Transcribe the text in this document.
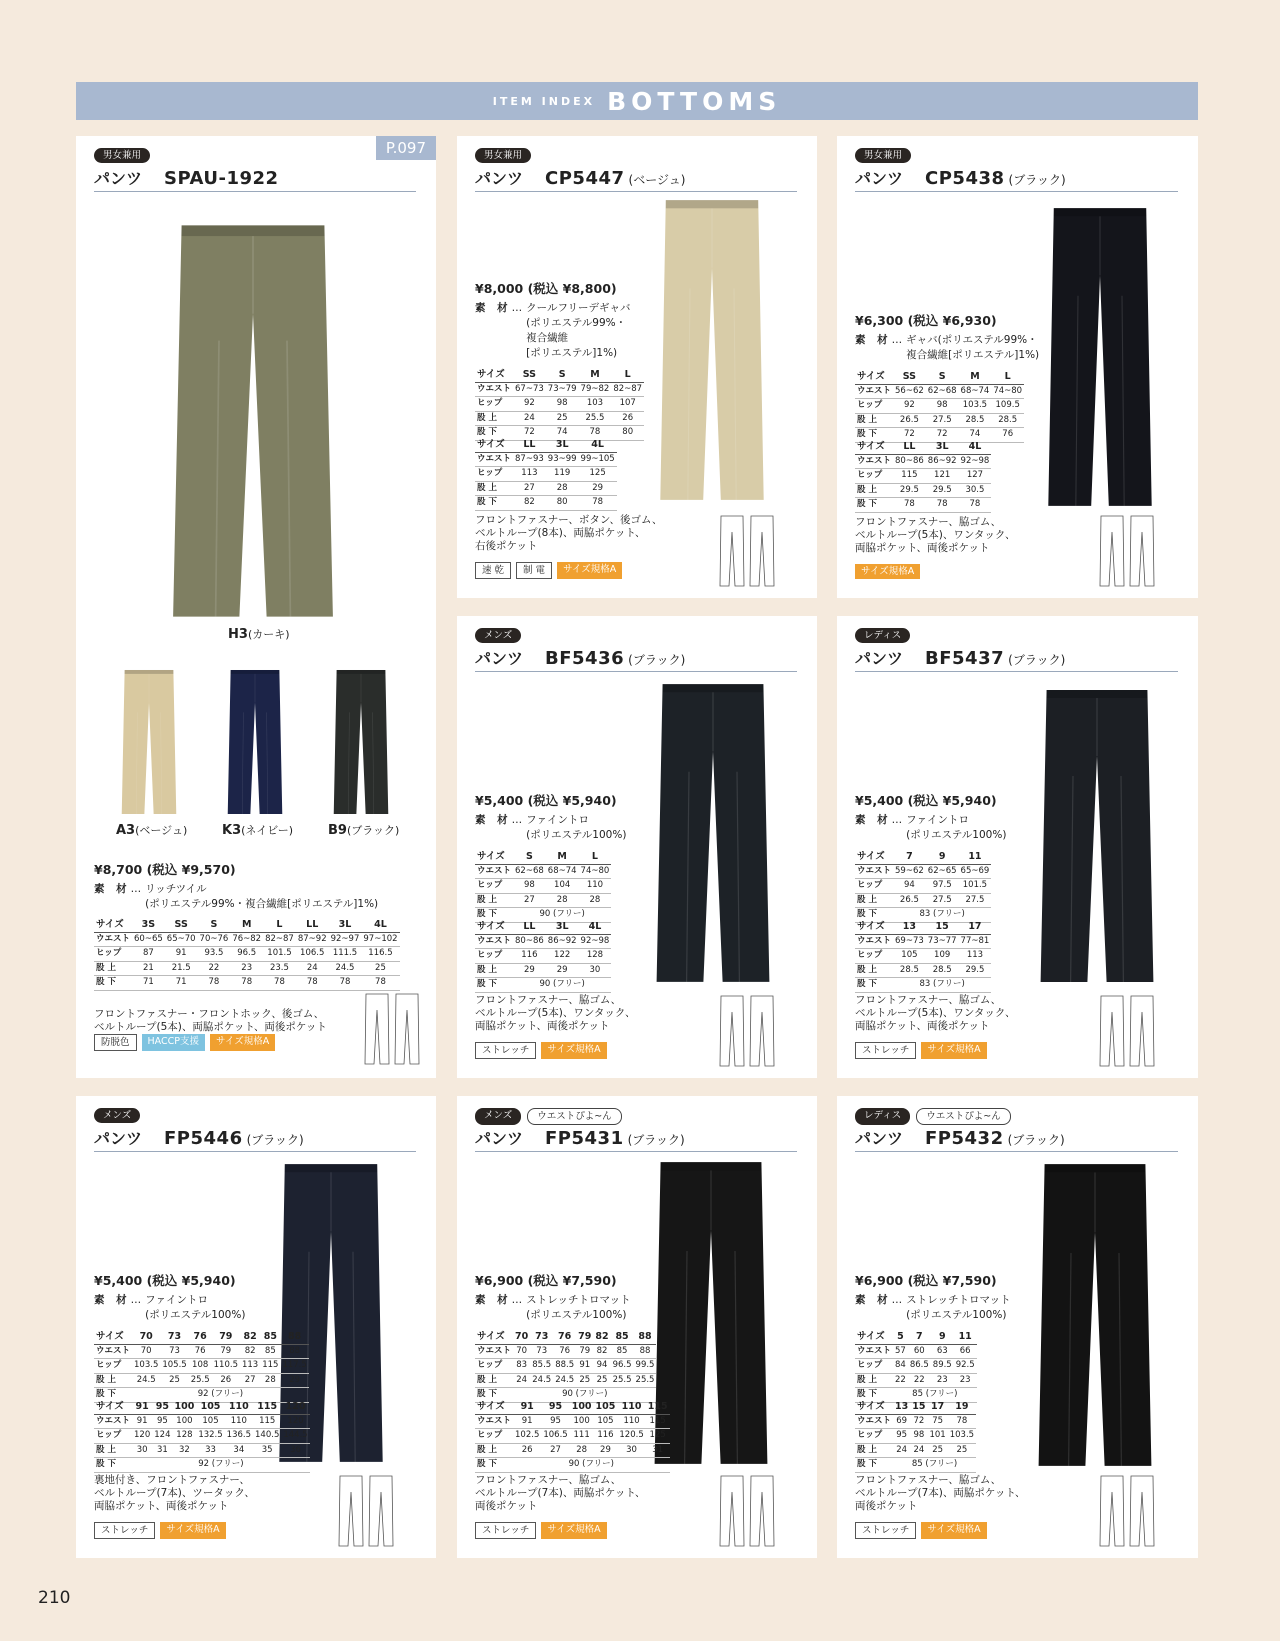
ITEM INDEX BOTTOMS
P.097
男女兼用
パンツ SPAU-1922
H3(カーキ)
A3(ベージュ)	K3(ネイビー)	B9(ブラック)
¥8,700 (税込 ¥9,570)
素 材… リッチツイル
(ポリエステル99%・複合繊維[ポリエステル]1%)
サイズ	3S	SS	S	M	L	LL	3L	4L
ウエスト	60~65	65~70	70~76	76~82	82~87	87~92	92~97	97~102
ヒップ	87	91	93.5	96.5	101.5	106.5	111.5	116.5
股 上	21	21.5	22	23	23.5	24	24.5	25
股 下	71	71	78	78	78	78	78	78
フロントファスナー・フロントホック、後ゴム、
ベルトループ(5本)、両脇ポケット、両後ポケット
防脱色	HACCP支援	サイズ規格A
男女兼用
パンツ CP5447 (ベージュ)
¥8,000 (税込 ¥8,800)
素 材… クールフリーデギャバ
(ポリエステル99%・
複合繊維
[ポリエステル]1%)
サイズ	SS	S	M	L
ウエスト	67~73	73~79	79~82	82~87
ヒップ	92	98	103	107
股 上	24	25	25.5	26
股 下	72	74	78	80
サイズ	LL	3L	4L
ウエスト	87~93	93~99	99~105
ヒップ	113	119	125
股 上	27	28	29
股 下	82	80	78
フロントファスナー、ボタン、後ゴム、
ベルトループ(8本)、両脇ポケット、
右後ポケット
速 乾	制 電	サイズ規格A
男女兼用
パンツ CP5438 (ブラック)
¥6,300 (税込 ¥6,930)
素 材… ギャバ(ポリエステル99%・
複合繊維[ポリエステル]1%)
サイズ	SS	S	M	L
ウエスト	56~62	62~68	68~74	74~80
ヒップ	92	98	103.5	109.5
股 上	26.5	27.5	28.5	28.5
股 下	72	72	74	76
サイズ	LL	3L	4L
ウエスト	80~86	86~92	92~98
ヒップ	115	121	127
股 上	29.5	29.5	30.5
股 下	78	78	78
フロントファスナー、脇ゴム、
ベルトループ(5本)、ワンタック、
両脇ポケット、両後ポケット
サイズ規格A
メンズ
パンツ BF5436 (ブラック)
¥5,400 (税込 ¥5,940)
素 材… ファイントロ
(ポリエステル100%)
サイズ	S	M	L
ウエスト	62~68	68~74	74~80
ヒップ	98	104	110
股 上	27	28	28
股 下	90 (フリー)		
サイズ	LL	3L	4L
ウエスト	80~86	86~92	92~98
ヒップ	116	122	128
股 上	29	29	30
股 下	90 (フリー)		
フロントファスナー、脇ゴム、
ベルトループ(5本)、ワンタック、
両脇ポケット、両後ポケット
ストレッチ	サイズ規格A
レディス
パンツ BF5437 (ブラック)
¥5,400 (税込 ¥5,940)
素 材… ファイントロ
(ポリエステル100%)
サイズ	7	9	11
ウエスト	59~62	62~65	65~69
ヒップ	94	97.5	101.5
股 上	26.5	27.5	27.5
股 下	83 (フリー)		
サイズ	13	15	17
ウエスト	69~73	73~77	77~81
ヒップ	105	109	113
股 上	28.5	28.5	29.5
股 下	83 (フリー)		
フロントファスナー、脇ゴム、
ベルトループ(5本)、ワンタック、
両脇ポケット、両後ポケット
ストレッチ	サイズ規格A
メンズ
パンツ FP5446 (ブラック)
¥5,400 (税込 ¥5,940)
素 材… ファイントロ
(ポリエステル100%)
サイズ	70	73	76	79	82	85	88
ウエスト	70	73	76	79	82	85	88
ヒップ	103.5	105.5	108	110.5	113	115	117.5
股 上	24.5	25	25.5	26	27	28	29
股 下	92 (フリー)						
サイズ	91	95	100	105	110	115	120
ウエスト	91	95	100	105	110	115	120
ヒップ	120	124	128	132.5	136.5	140.5	144.5
股 上	30	31	32	33	34	35	36
股 下	92 (フリー)						
裏地付き、フロントファスナー、
ベルトループ(7本)、ツータック、
両脇ポケット、両後ポケット
ストレッチ	サイズ規格A
メンズ	ウエストぴよ~ん
パンツ FP5431 (ブラック)
¥6,900 (税込 ¥7,590)
素 材… ストレッチトロマット
(ポリエステル100%)
サイズ	70	73	76	79	82	85	88
ウエスト	70	73	76	79	82	85	88
ヒップ	83	85.5	88.5	91	94	96.5	99.5
股 上	24	24.5	24.5	25	25	25.5	25.5
股 下	90 (フリー)						
サイズ	91	95	100	105	110	115
ウエスト	91	95	100	105	110	115
ヒップ	102.5	106.5	111	116	120.5	125
股 上	26	27	28	29	30	31
股 下	90 (フリー)					
フロントファスナー、脇ゴム、
ベルトループ(7本)、両脇ポケット、
両後ポケット
ストレッチ	サイズ規格A
レディス	ウエストぴよ~ん
パンツ FP5432 (ブラック)
¥6,900 (税込 ¥7,590)
素 材… ストレッチトロマット
(ポリエステル100%)
サイズ	5	7	9	11
ウエスト	57	60	63	66
ヒップ	84	86.5	89.5	92.5
股 上	22	22	23	23
股 下	85 (フリー)			
サイズ	13	15	17	19
ウエスト	69	72	75	78
ヒップ	95	98	101	103.5
股 上	24	24	25	25
股 下	85 (フリー)			
フロントファスナー、脇ゴム、
ベルトループ(7本)、両脇ポケット、
両後ポケット
ストレッチ	サイズ規格A
210
